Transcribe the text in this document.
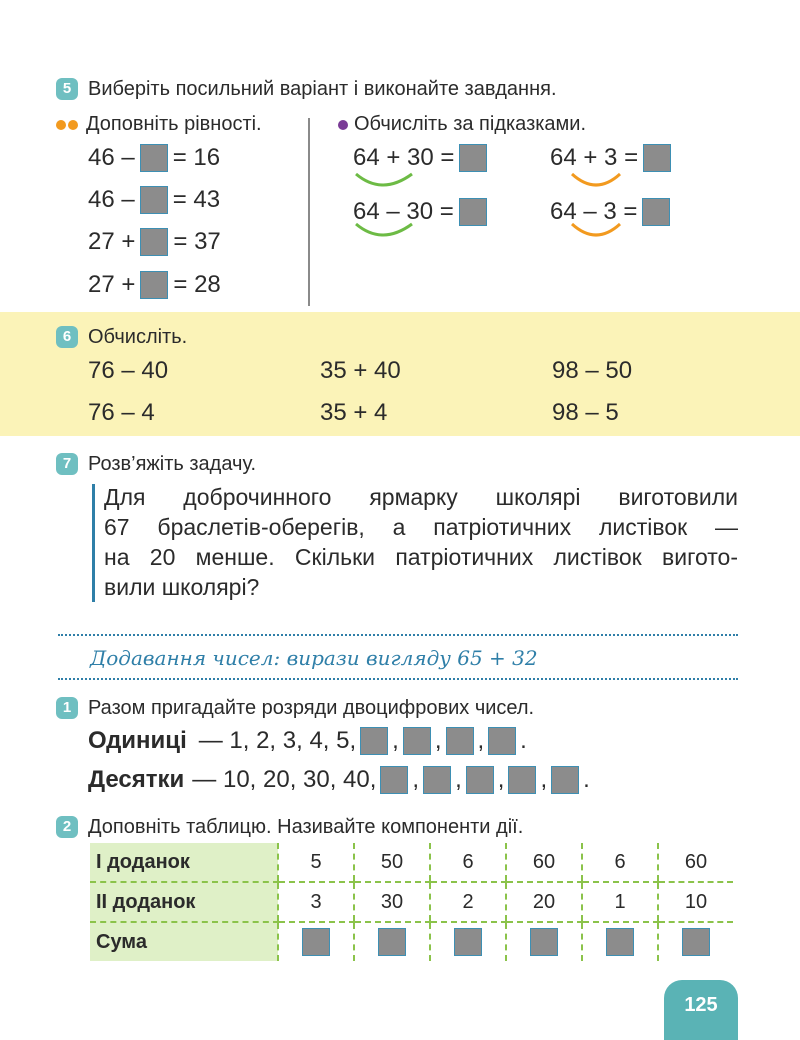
5 Виберіть посильний варіант і виконайте завдання.
Доповніть рівності.
46 – = 16
46 – = 43
27 + = 37
27 + = 28
Обчисліть за підказками.
64 + 30 =	64 + 3 =
64 – 30 =	64 – 3 =
6 Обчисліть.
76 – 40	35 + 40	98 – 50
76 – 4	35 + 4	98 – 5
7 Розв’яжіть задачу.
Для доброчинного ярмарку школярі виготовили
67 браслетів-оберегів, а патріотичних листівок —
на 20 менше. Скільки патріотичних листівок вигото-
вили школярі?
Додавання чисел: вирази вигляду 65 + 32
1 Разом пригадайте розряди двоцифрових чисел.
Одиниці — 1, 2, 3, 4, 5, , , , .
Десятки — 10, 20, 30, 40, , , , , .
2 Доповніть таблицю. Називайте компоненти дії.
І доданок	5	50	6	60	6	60
ІІ доданок	3	30	2	20	1	10
Сума						
125
